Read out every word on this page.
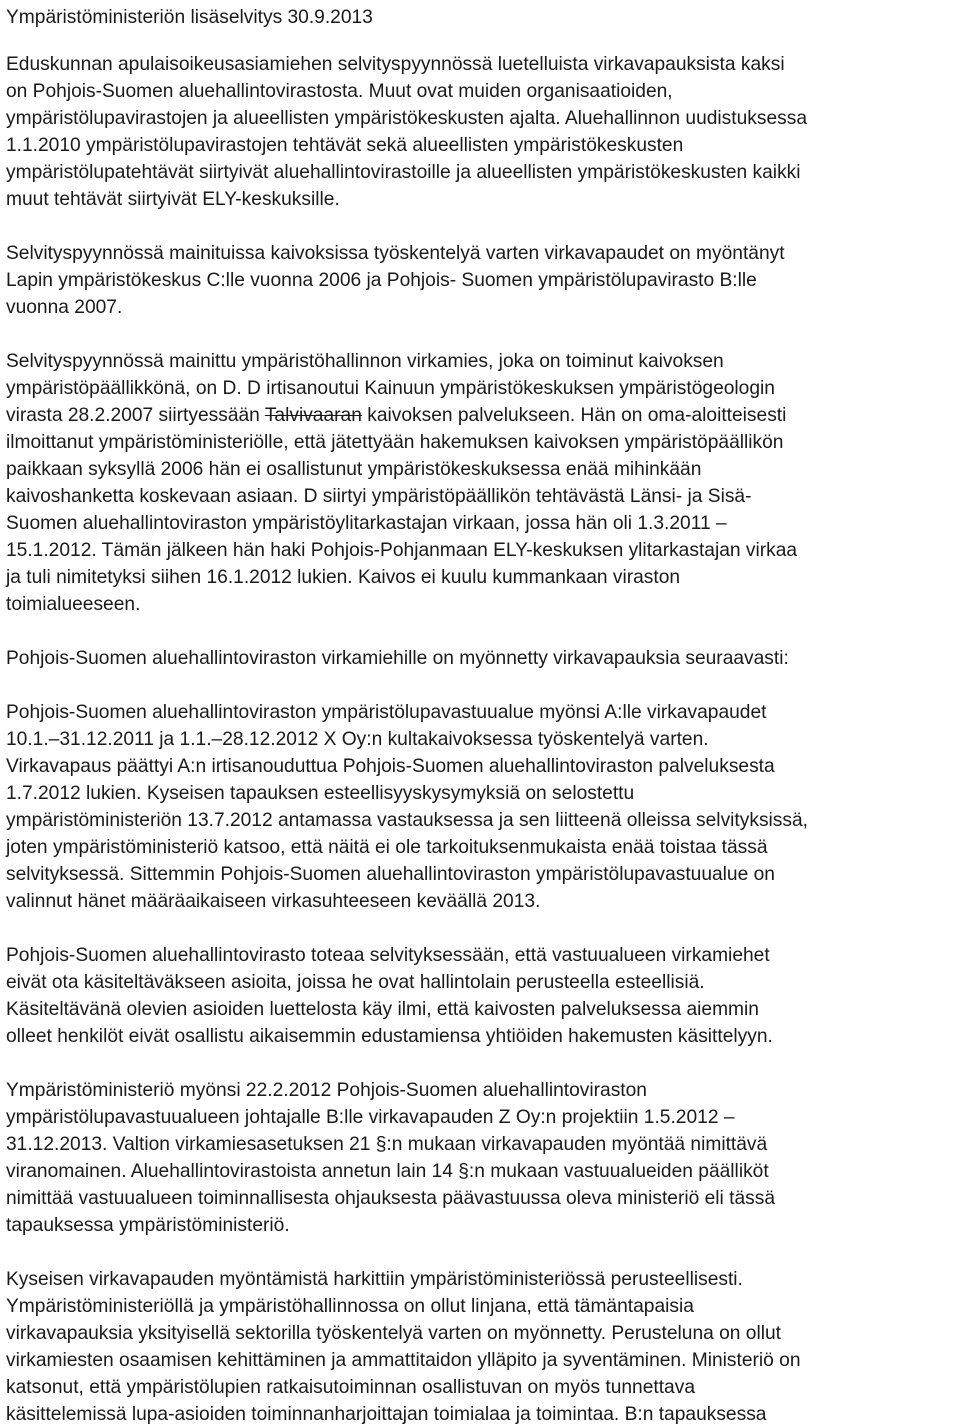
Ympäristöministeriön lisäselvitys 30.9.2013

Eduskunnan apulaisoikeusasiamiehen selvityspyynnössä luetelluista virkavapauksista kaksi
on Pohjois-Suomen aluehallintovirastosta. Muut ovat muiden organisaatioiden,
ympäristölupavirastojen ja alueellisten ympäristökeskusten ajalta. Aluehallinnon uudistuksessa
1.1.2010 ympäristölupavirastojen tehtävät sekä alueellisten ympäristökeskusten
ympäristölupatehtävät siirtyivät aluehallintovirastoille ja alueellisten ympäristökeskusten kaikki
muut tehtävät siirtyivät ELY-keskuksille.

Selvityspyynnössä mainituissa kaivoksissa työskentelyä varten virkavapaudet on myöntänyt
Lapin ympäristökeskus C:lle vuonna 2006 ja Pohjois- Suomen ympäristölupavirasto B:lle
vuonna 2007.

Selvityspyynnössä mainittu ympäristöhallinnon virkamies, joka on toiminut kaivoksen
ympäristöpäällikkönä, on D. D irtisanoutui Kainuun ympäristökeskuksen ympäristögeologin
virasta 28.2.2007 siirtyessään Talvivaaran kaivoksen palvelukseen. Hän on oma-aloitteisesti
ilmoittanut ympäristöministeriölle, että jätettyään hakemuksen kaivoksen ympäristöpäällikön
paikkaan syksyllä 2006 hän ei osallistunut ympäristökeskuksessa enää mihinkään
kaivoshanketta koskevaan asiaan. D siirtyi ympäristöpäällikön tehtävästä Länsi- ja Sisä-
Suomen aluehallintoviraston ympäristöylitarkastajan virkaan, jossa hän oli 1.3.2011 –
15.1.2012. Tämän jälkeen hän haki Pohjois-Pohjanmaan ELY-keskuksen ylitarkastajan virkaa
ja tuli nimitetyksi siihen 16.1.2012 lukien. Kaivos ei kuulu kummankaan viraston
toimialueeseen.

Pohjois-Suomen aluehallintoviraston virkamiehille on myönnetty virkavapauksia seuraavasti:

Pohjois-Suomen aluehallintoviraston ympäristölupavastuualue myönsi A:lle virkavapaudet
10.1.–31.12.2011 ja 1.1.–28.12.2012 X Oy:n kultakaivoksessa työskentelyä varten.
Virkavapaus päättyi A:n irtisanouduttua Pohjois-Suomen aluehallintoviraston palveluksesta
1.7.2012 lukien. Kyseisen tapauksen esteellisyyskysymyksiä on selostettu
ympäristöministeriön 13.7.2012 antamassa vastauksessa ja sen liitteenä olleissa selvityksissä,
joten ympäristöministeriö katsoo, että näitä ei ole tarkoituksenmukaista enää toistaa tässä
selvityksessä. Sittemmin Pohjois-Suomen aluehallintoviraston ympäristölupavastuualue on
valinnut hänet määräaikaiseen virkasuhteeseen keväällä 2013.

Pohjois-Suomen aluehallintovirasto toteaa selvityksessään, että vastuualueen virkamiehet
eivät ota käsiteltäväkseen asioita, joissa he ovat hallintolain perusteella esteellisiä.
Käsiteltävänä olevien asioiden luettelosta käy ilmi, että kaivosten palveluksessa aiemmin
olleet henkilöt eivät osallistu aikaisemmin edustamiensa yhtiöiden hakemusten käsittelyyn.

Ympäristöministeriö myönsi 22.2.2012 Pohjois-Suomen aluehallintoviraston
ympäristölupavastuualueen johtajalle B:lle virkavapauden Z Oy:n projektiin 1.5.2012 –
31.12.2013. Valtion virkamiesasetuksen 21 §:n mukaan virkavapauden myöntää nimittävä
viranomainen. Aluehallintovirastoista annetun lain 14 §:n mukaan vastuualueiden päälliköt
nimittää vastuualueen toiminnallisesta ohjauksesta päävastuussa oleva ministeriö eli tässä
tapauksessa ympäristöministeriö.

Kyseisen virkavapauden myöntämistä harkittiin ympäristöministeriössä perusteellisesti.
Ympäristöministeriöllä ja ympäristöhallinnossa on ollut linjana, että tämäntapaisia
virkavapauksia yksityisellä sektorilla työskentelyä varten on myönnetty. Perusteluna on ollut
virkamiesten osaamisen kehittäminen ja ammattitaidon ylläpito ja syventäminen. Ministeriö on
katsonut, että ympäristölupien ratkaisutoiminnan osallistuvan on myös tunnettava
käsittelemissä lupa-asioiden toiminnanharjoittajan toimialaa ja toimintaa. B:n tapauksessa
